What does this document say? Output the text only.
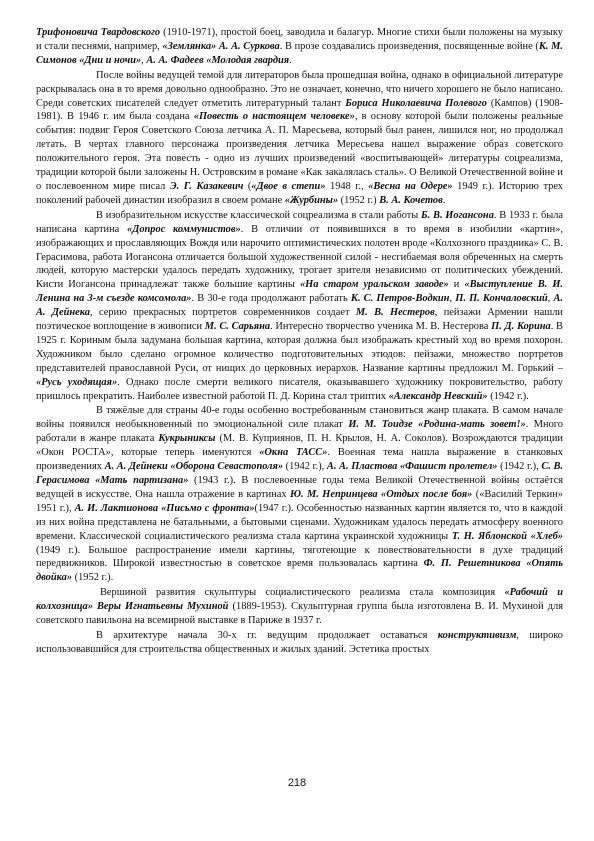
Трифоновича Твардовского (1910-1971), простой боец, заводила и балагур. Многие стихи были положены на музыку и стали песнями, например, «Землянка» А. А. Суркова. В прозе создавались произведения, посвященные войне (К. М. Симонов «Дни и ночи», А. А. Фадеев «Молодая гвардия.

После войны ведущей темой для литераторов была прошедшая война, однако в официальной литературе раскрывалась она в то время довольно однообразно. Это не означает, конечно, что ничего хорошего не было написано. Среди советских писателей следует отметить литературный талант Бориса Николаевича Полевого (Кампов) (1908-1981). В 1946 г. им была создана «Повесть о настоящем человеке», в основу которой были положены реальные события: подвиг Героя Советского Союза летчика А. П. Маресьева, который был ранен, лишился ног, но продолжал летать. В чертах главного персонажа произведения летчика Мересьева нашел выражение образ советского положительного героя. Эта повесть - одно из лучших произведений «воспитывающей» литературы соцреализма, традиции которой были заложены Н. Островским в романе «Как закалялась сталь». О Великой Отечественной войне и о послевоенном мире писал Э. Г. Казакевич («Двое в степи» 1948 г., «Весна на Одере» 1949 г.). Историю трех поколений рабочей династии изобразил в своем романе «Журбины» (1952 г.) В. А. Кочетов.

В изобразительном искусстве классической соцреализма в стали работы Б. В. Иогансона. В 1933 г. была написана картина «Допрос коммунистов». В отличии от появившихся в то время в изобилии «картин», изображающих и прославляющих Вождя или нарочито оптимистических полотен вроде «Колхозного праздника» С. В. Герасимова, работа Иогансона отличается большой художественной силой - несгибаемая воля обреченных на смерть людей, которую мастерски удалось передать художнику, трогает зрителя независимо от политических убеждений. Кисти Иогансона принадлежат также большие картины «На старом уральском заводе» и «Выступление В. И. Ленина на 3-м съезде комсомола». В 30-е года продолжают работать К. С. Петров-Водкин, П. П. Кончаловский, А. А. Дейнека, серию прекрасных портретов современников создает М. В. Нестеров, пейзажи Армении нашли поэтическое воплощение в живописи М. С. Сарьяна. Интересно творчество ученика М. В. Нестерова П. Д. Корина. В 1925 г. Кориным была задумана большая картина, которая должна был изображать крестный ход во время похорон. Художником было сделано огромное количество подготовительных этюдов: пейзажи, множество портретов представителей православной Руси, от нищих до церковных иерархов. Название картины предложил М. Горький – «Русь уходящая». Однако после смерти великого писателя, оказывавшего художнику покровительство, работу пришлось прекратить. Наиболее известной работой П. Д. Корина стал триптих «Александр Невский» (1942 г.).

В тяжёлые для страны 40-е годы особенно востребованным становиться жанр плаката. В самом начале войны появился необыкновенный по эмоциональной силе плакат И. М. Тоидзе «Родина-мать зовет!». Много работали в жанре плаката Кукрыниксы (М. В. Куприянов, П. Н. Крылов, Н. А. Соколов). Возрождаются традиции «Окон РОСТА», которые теперь именуются «Окна ТАСС». Военная тема нашла выражение в станковых произведениях А. А. Дейнеки «Оборона Севастополя» (1942 г.), А. А. Пластова «Фашист пролетел» (1942 г.), С. В. Герасимова «Мать партизана» (1943 г.). В послевоенные годы тема Великой Отечественной войны остаётся ведущей в искусстве. Она нашла отражение в картинах Ю. М. Непринцева «Отдых после боя» («Василий Теркин» 1951 г.), А. И. Лактионова «Письмо с фронта»(1947 г.). Особенностью названных картин является то, что в каждой из них война представлена не батальными, а бытовыми сценами. Художникам удалось передать атмосферу военного времени. Классической социалистического реализма стала картина украинской художницы Т. Н. Яблонской «Хлеб» (1949 г.). Большое распространение имели картины, тяготеющие к повествовательности в духе традиций передвижников. Широкой известностью в советское время пользовалась картина Ф. П. Решетникова «Опять двойка» (1952 г.).

Вершиной развития скульптуры социалистического реализма стала композиция «Рабочий и колхозница» Веры Игнатьевны Мухиной (1889-1953). Скульптурная группа была изготовлена В. И. Мухиной для советского павильона на всемирной выставке в Париже в 1937 г.

В архитектуре начала 30-х гг. ведущим продолжает оставаться конструктивизм, широко использовавшийся для строительства общественных и жилых зданий. Эстетика простых

218
